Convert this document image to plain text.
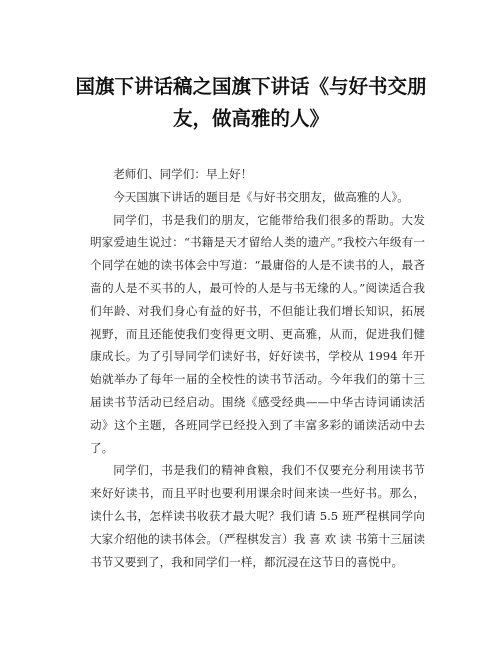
国旗下讲话稿之国旗下讲话《与好书交朋友，做高雅的人》

老师们、同学们：早上好！

今天国旗下讲话的题目是《与好书交朋友，做高雅的人》。

同学们，书是我们的朋友，它能带给我们很多的帮助。大发明家爱迪生说过：“书籍是天才留给人类的遗产。”我校六年级有一个同学在她的读书体会中写道：“最庸俗的人是不读书的人，最吝啬的人是不买书的人，最可怜的人是与书无缘的人。”阅读适合我们年龄、对我们身心有益的好书，不但能让我们增长知识，拓展视野，而且还能使我们变得更文明、更高雅，从而，促进我们健康成长。为了引导同学们读好书，好好读书，学校从 1994 年开始就举办了每年一届的全校性的读书节活动。今年我们的第十三届读书节活动已经启动。围绕《感受经典——中华古诗词诵读活动》这个主题，各班同学已经投入到了丰富多彩的诵读活动中去了。

同学们，书是我们的精神食粮，我们不仅要充分利用读书节来好好读书，而且平时也要利用课余时间来读一些好书。那么，读什么书，怎样读书收获才最大呢？我们请 5.5 班严程棋同学向大家介绍他的读书体会。（严程棋发言）我 喜 欢 读 书第十三届读书节又要到了，我和同学们一样，都沉浸在这节日的喜悦中。
